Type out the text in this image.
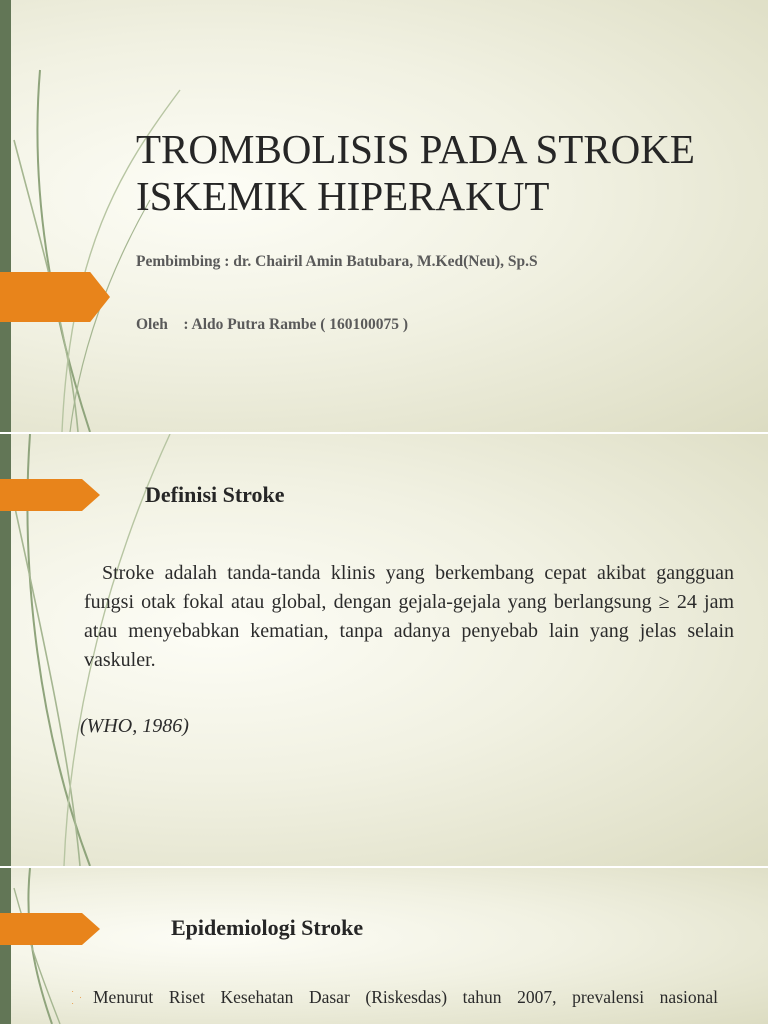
TROMBOLISIS PADA STROKE ISKEMIK HIPERAKUT
Pembimbing : dr. Chairil Amin Batubara, M.Ked(Neu), Sp.S
Oleh    : Aldo Putra Rambe ( 160100075 )
Definisi Stroke

Stroke adalah tanda-tanda klinis yang berkembang cepat akibat gangguan fungsi otak fokal atau global, dengan gejala-gejala yang berlangsung ≥ 24 jam atau menyebabkan kematian, tanpa adanya penyebab lain yang jelas selain vaskuler.

(WHO, 1986)

Epidemiologi Stroke
Menurut Riset Kesehatan Dasar (Riskesdas) tahun 2007, prevalensi nasional
